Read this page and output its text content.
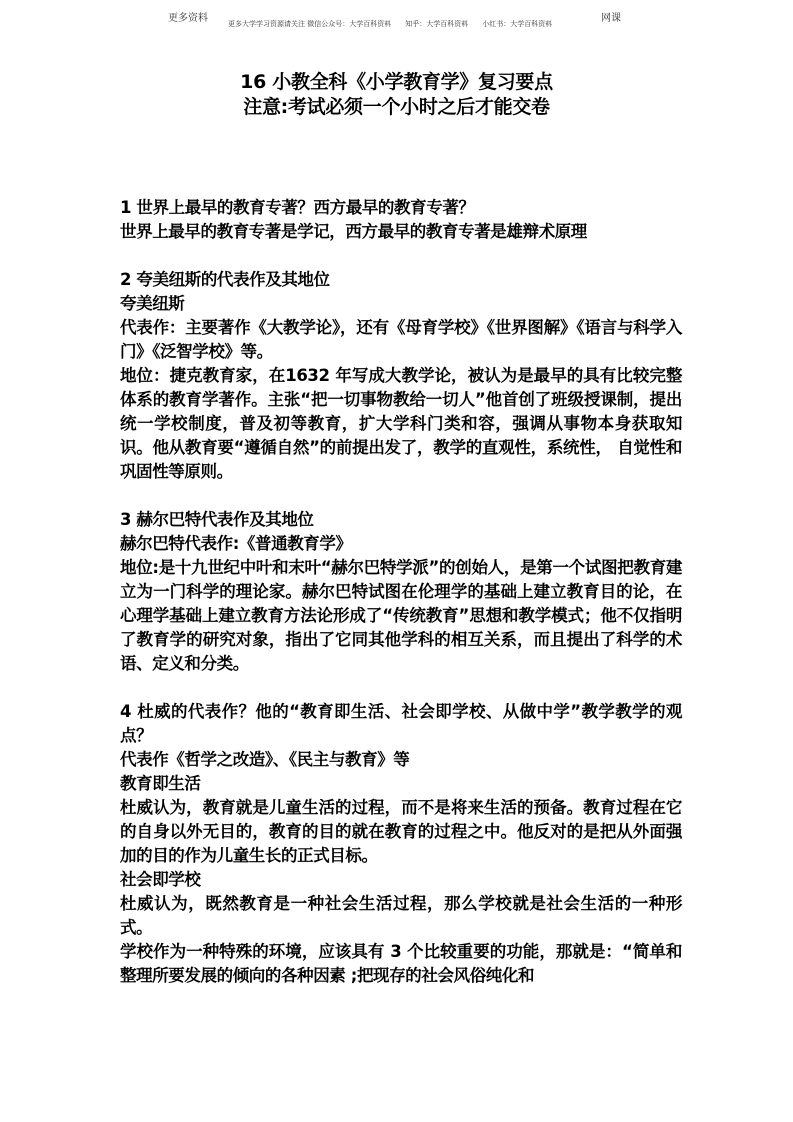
更多资料	网课
更多大学学习资源请关注 微信公众号：大学百科资料　　知乎：大学百科资料　　小红书：大学百科资料
16 小教全科《小学教育学》复习要点
注意:考试必须一个小时之后才能交卷

1 世界上最早的教育专著？西方最早的教育专著？

世界上最早的教育专著是学记，西方最早的教育专著是雄辩术原理

2 夸美纽斯的代表作及其地位

夸美纽斯

代表作：主要著作《大教学论》，还有《母育学校》《世界图解》《语言与科学入门》《泛智学校》等。

地位：捷克教育家，在1632 年写成大教学论，被认为是最早的具有比较完整体系的教育学著作。主张“把一切事物教给一切人”他首创了班级授课制，提出统一学校制度，普及初等教育，扩大学科门类和容，强调从事物本身获取知识。他从教育要“遵循自然”的前提出发了，教学的直观性，系统性， 自觉性和巩固性等原则。

3 赫尔巴特代表作及其地位

赫尔巴特代表作:《普通教育学》

地位:是十九世纪中叶和末叶“赫尔巴特学派”的创始人，是第一个试图把教育建立为一门科学的理论家。赫尔巴特试图在伦理学的基础上建立教育目的论，在心理学基础上建立教育方法论形成了“传统教育”思想和教学模式；他不仅指明了教育学的研究对象，指出了它同其他学科的相互关系，而且提出了科学的术语、定义和分类。

4 杜威的代表作？他的“教育即生活、社会即学校、从做中学”教学教学的观点？

代表作《哲学之改造》、《民主与教育》等

教育即生活

杜威认为，教育就是儿童生活的过程，而不是将来生活的预备。教育过程在它的自身以外无目的，教育的目的就在教育的过程之中。他反对的是把从外面强加的目的作为儿童生长的正式目标。

社会即学校

杜威认为，既然教育是一种社会生活过程，那么学校就是社会生活的一种形式。

学校作为一种特殊的环境，应该具有 3 个比较重要的功能，那就是：“简单和整理所要发展的倾向的各种因素 ;把现存的社会风俗纯化和
